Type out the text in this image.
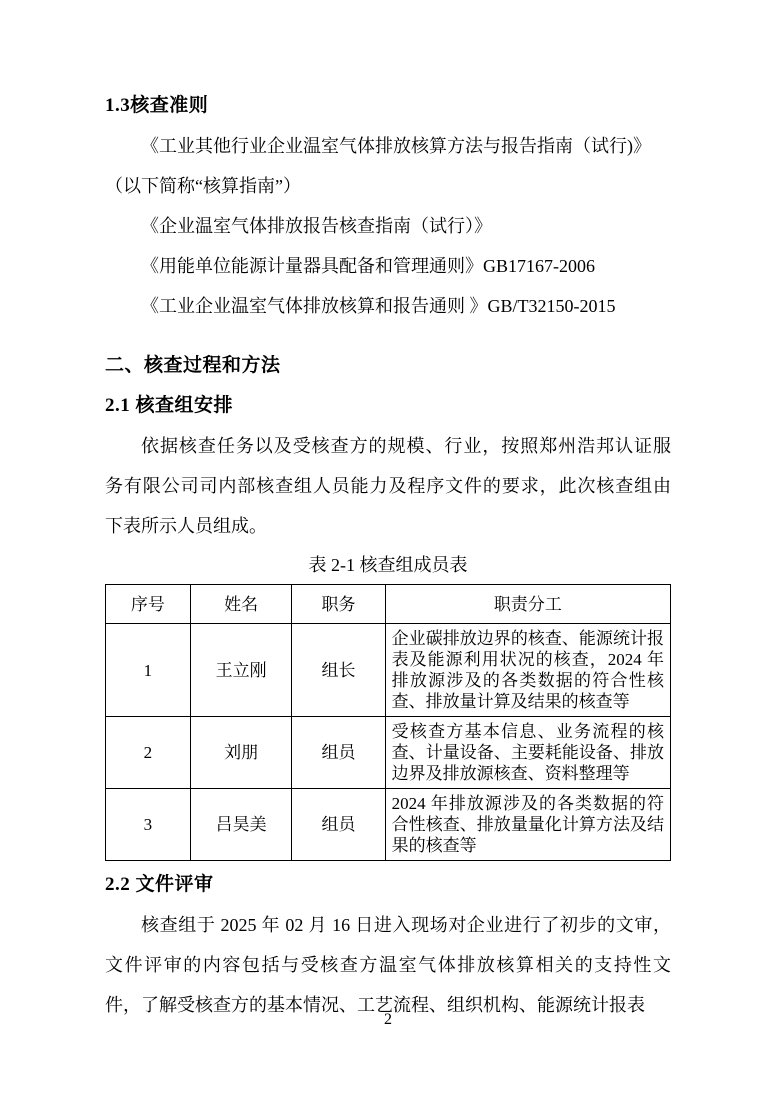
1.3核查准则
《工业其他行业企业温室气体排放核算方法与报告指南（试行)》
（以下简称“核算指南”）
《企业温室气体排放报告核查指南（试行）》
《用能单位能源计量器具配备和管理通则》GB17167-2006
《工业企业温室气体排放核算和报告通则 》GB/T32150-2015
二、核查过程和方法
2.1 核查组安排
依据核查任务以及受核查方的规模、行业，按照郑州浩邦认证服
务有限公司司内部核查组人员能力及程序文件的要求，此次核查组由
下表所示人员组成。
表 2-1 核查组成员表
序号	姓名	职务	职责分工
1	王立刚	组长	企业碳排放边界的核查、能源统计报表及能源利用状况的核查，2024 年排放源涉及的各类数据的符合性核查、排放量计算及结果的核查等
2	刘朋	组员	受核查方基本信息、业务流程的核查、计量设备、主要耗能设备、排放边界及排放源核查、资料整理等
3	吕昊美	组员	2024 年排放源涉及的各类数据的符合性核查、排放量量化计算方法及结果的核查等
2.2 文件评审
核查组于 2025 年 02 月 16 日进入现场对企业进行了初步的文审，
文件评审的内容包括与受核查方温室气体排放核算相关的支持性文
件，了解受核查方的基本情况、工艺流程、组织机构、能源统计报表
2
